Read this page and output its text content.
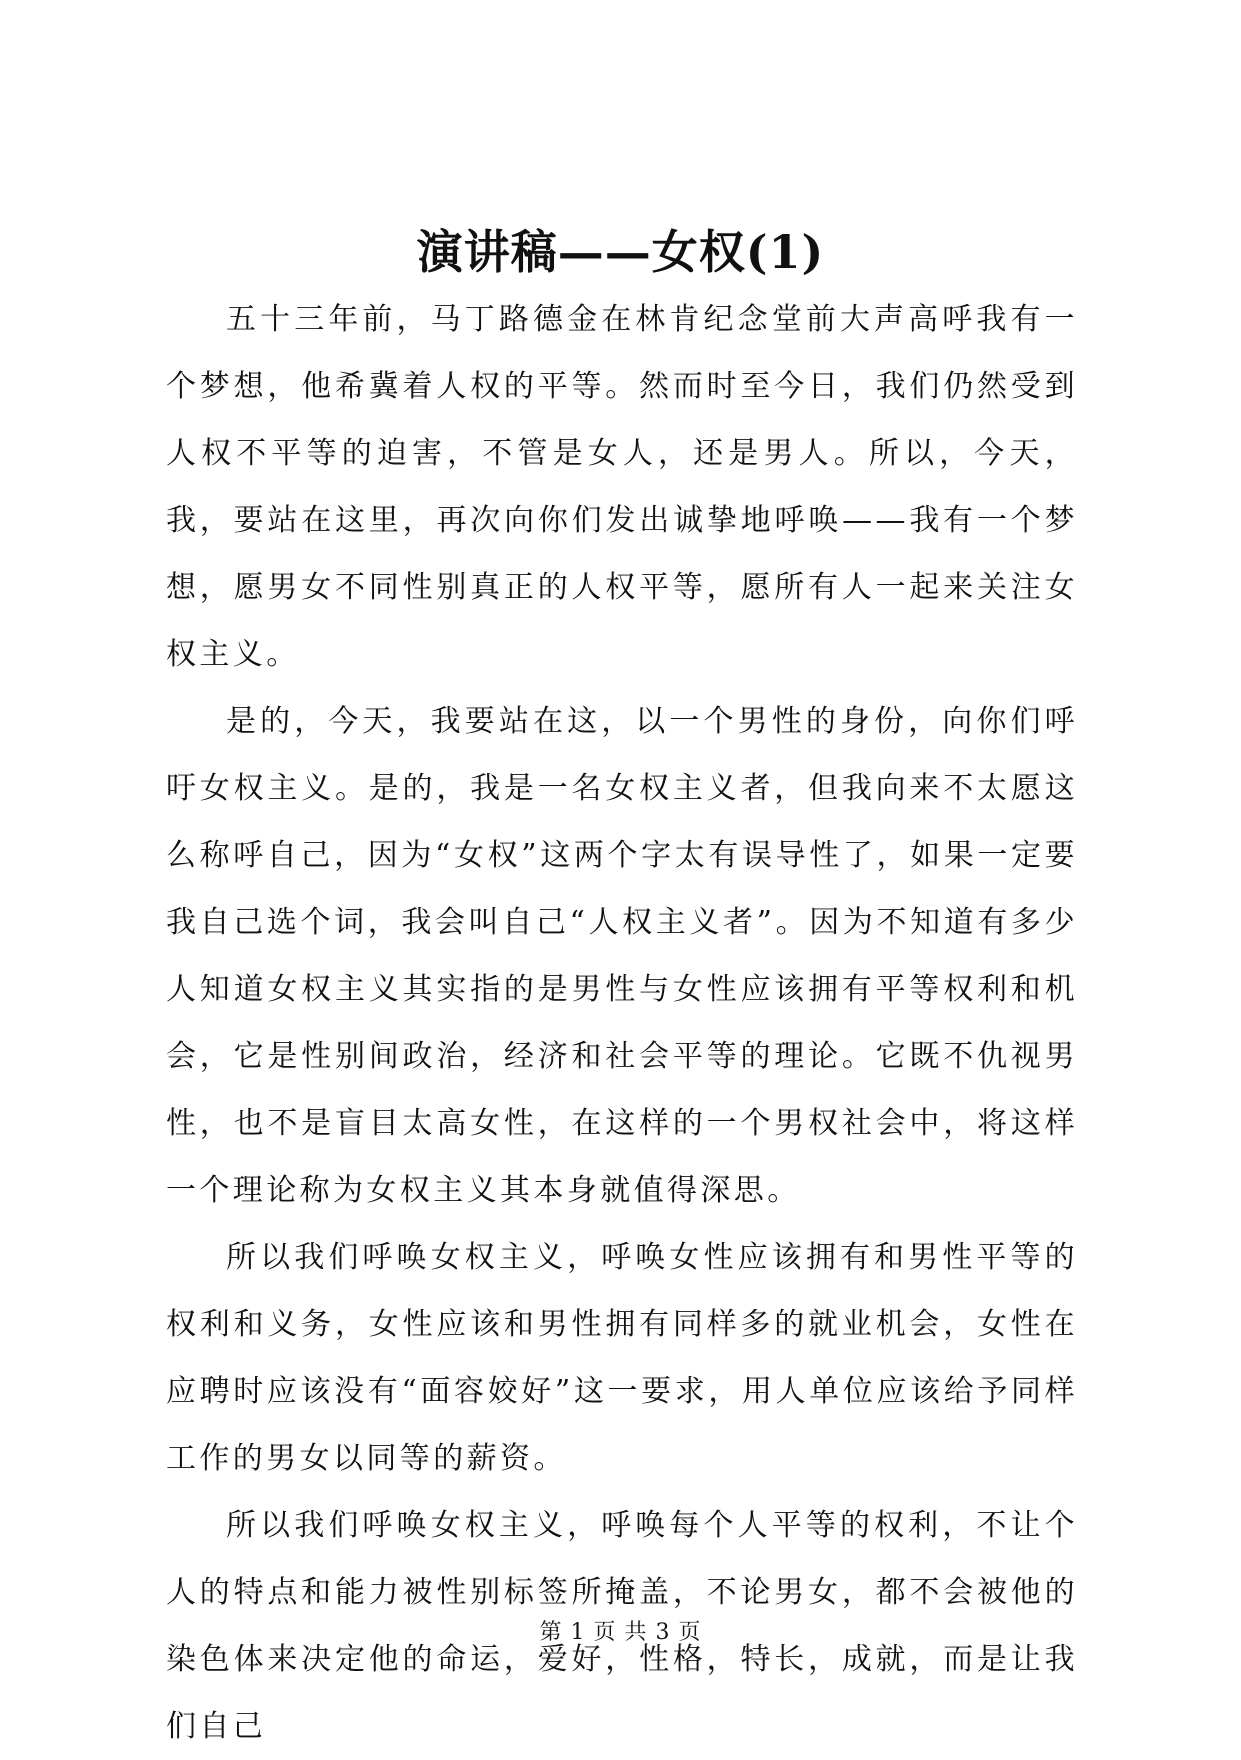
演讲稿——女权(1)

五十三年前，马丁路德金在林肯纪念堂前大声高呼我有一个梦想，他希冀着人权的平等。然而时至今日，我们仍然受到人权不平等的迫害，不管是女人，还是男人。所以，今天，我，要站在这里，再次向你们发出诚挚地呼唤——我有一个梦想，愿男女不同性别真正的人权平等，愿所有人一起来关注女权主义。

是的，今天，我要站在这，以一个男性的身份，向你们呼吁女权主义。是的，我是一名女权主义者，但我向来不太愿这么称呼自己，因为“女权”这两个字太有误导性了，如果一定要我自己选个词，我会叫自己“人权主义者”。因为不知道有多少人知道女权主义其实指的是男性与女性应该拥有平等权利和机会，它是性别间政治，经济和社会平等的理论。它既不仇视男性，也不是盲目太高女性，在这样的一个男权社会中，将这样一个理论称为女权主义其本身就值得深思。

所以我们呼唤女权主义，呼唤女性应该拥有和男性平等的权利和义务，女性应该和男性拥有同样多的就业机会，女性在应聘时应该没有“面容姣好”这一要求，用人单位应该给予同样工作的男女以同等的薪资。

所以我们呼唤女权主义，呼唤每个人平等的权利，不让个人的特点和能力被性别标签所掩盖，不论男女，都不会被他的染色体来决定他的命运，爱好，性格，特长，成就，而是让我们自己

第 1 页 共 3 页
